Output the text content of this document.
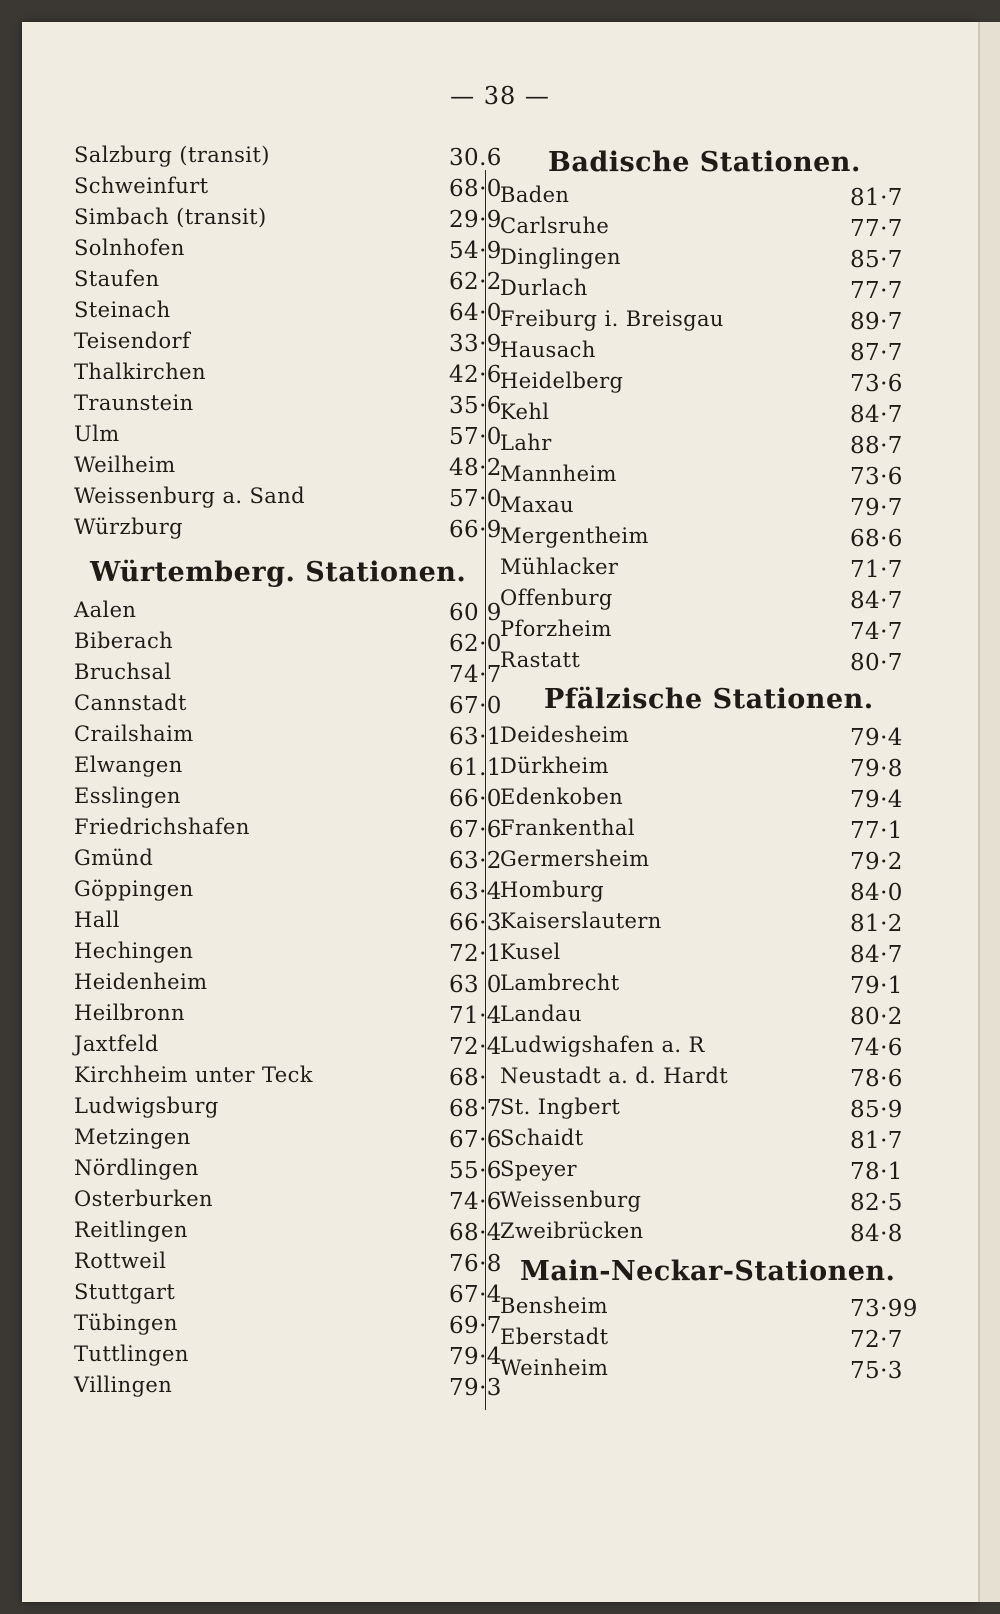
— 38 —
Salzburg (transit)	30.6
Schweinfurt	68·0
Simbach (transit)	29·9
Solnhofen	54·9
Staufen	62·2
Steinach	64·0
Teisendorf	33·9
Thalkirchen	42·6
Traunstein	35·6
Ulm	57·0
Weilheim	48·2
Weissenburg a. Sand	57·0
Würzburg	66·9
Würtemberg. Stationen.
Aalen	60 9
Biberach	62·0
Bruchsal	74·7
Cannstadt	67·0
Crailshaim	63·1
Elwangen	61.1
Esslingen	66·0
Friedrichshafen	67·6
Gmünd	63·2
Göppingen	63·4
Hall	66·3
Hechingen	72·1
Heidenheim	63 0
Heilbronn	71·4
Jaxtfeld	72·4
Kirchheim unter Teck	68·
Ludwigsburg	68·7
Metzingen	67·6
Nördlingen	55·6
Osterburken	74·6
Reitlingen	68·4
Rottweil	76·8
Stuttgart	67·4
Tübingen	69·7
Tuttlingen	79·4
Villingen	79·3
Badische Stationen.
Baden	81·7
Carlsruhe	77·7
Dinglingen	85·7
Durlach	77·7
Freiburg i. Breisgau	89·7
Hausach	87·7
Heidelberg	73·6
Kehl	84·7
Lahr	88·7
Mannheim	73·6
Maxau	79·7
Mergentheim	68·6
Mühlacker	71·7
Offenburg	84·7
Pforzheim	74·7
Rastatt	80·7
Pfälzische Stationen.
Deidesheim	79·4
Dürkheim	79·8
Edenkoben	79·4
Frankenthal	77·1
Germersheim	79·2
Homburg	84·0
Kaiserslautern	81·2
Kusel	84·7
Lambrecht	79·1
Landau	80·2
Ludwigshafen a. R	74·6
Neustadt a. d. Hardt	78·6
St. Ingbert	85·9
Schaidt	81·7
Speyer	78·1
Weissenburg	82·5
Zweibrücken	84·8
Main-Neckar-Stationen.
Bensheim	73·99
Eberstadt	72·7
Weinheim	75·3
